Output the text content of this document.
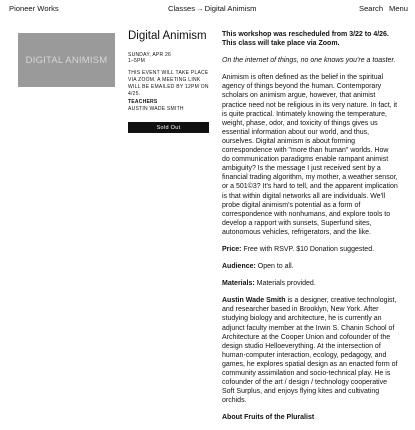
Pioneer Works	Classes→Digital Animism	Search Menu
DIGITAL ANIMISM
Digital Animism
SUNDAY, APR 26
1–5PM
THIS EVENT WILL TAKE PLACE VIA ZOOM. A MEETING LINK WILL BE EMAILED BY 12PM ON 4/25.
TEACHERS
AUSTIN WADE SMITH
Sold Out

This workshop was rescheduled from 3/22 to 4/26. This class will take place via Zoom.

On the internet of things, no one knows you're a toaster.

Animism is often defined as the belief in the spiritual agency of things beyond the human. Contemporary scholars on animism argue, however, that animist practice need not be religious in its very nature. In fact, it is quite practical. Intimately knowing the temperature, weight, phase, odor, and toxicity of things gives us essential information about our world, and thus, ourselves. Digital animism is about forming correspondence with "more than human" worlds. How do communication paradigms enable rampant animist ambiguity? Is the message I just received sent by a financial trading algorithm, my mother, a weather sensor, or a 501©3? It's hard to tell, and the apparent implication is that within digital networks all are individuals. We'll probe digital animism's potential as a form of correspondence with nonhumans, and explore tools to develop a rapport with sunsets, Superfund sites, autonomous vehicles, refrigerators, and the like.

Price: Free with RSVP. $10 Donation suggested.

Audience: Open to all.

Materials: Materials provided.

Austin Wade Smith is a designer, creative technologist, and researcher based in Brooklyn, New York. After studying biology and architecture, he is currently an adjunct faculty member at the Irwin S. Chanin School of Architecture at the Cooper Union and cofounder of the design studio Helloeverything. At the intersection of human-computer interaction, ecology, pedagogy, and games, he explores spatial design as an enacted form of community assimilation and socio-technical play. He is cofounder of the art / design / technology cooperative Soft Surplus, and enjoys flying kites and cultivating orchids.

About Fruits of the Pluralist
